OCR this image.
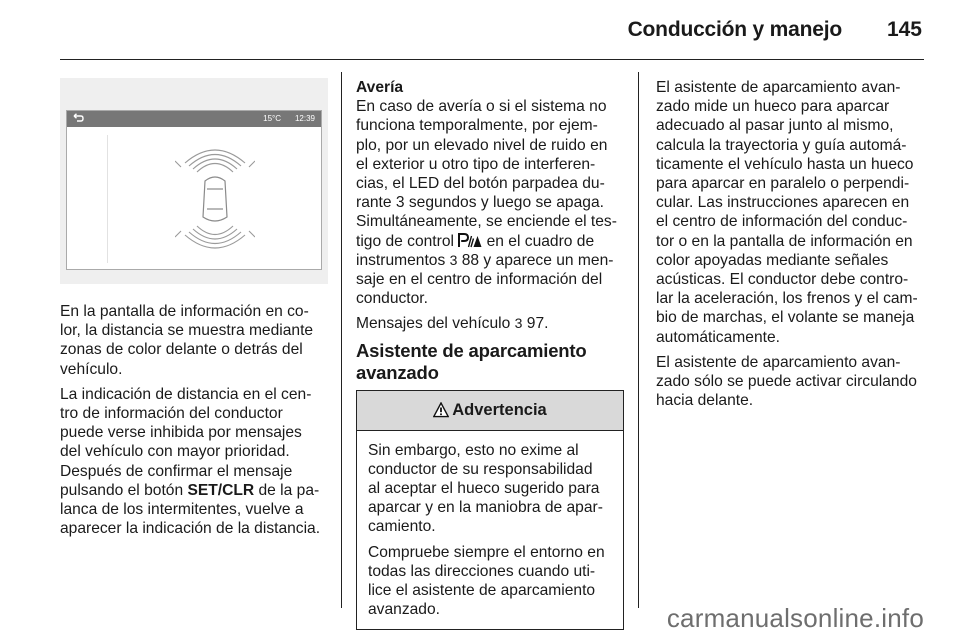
Conducción y manejo 145
15°C 12:39

En la pantalla de información en co-
lor, la distancia se muestra mediante
zonas de color delante o detrás del
vehículo.

La indicación de distancia en el cen-
tro de información del conductor
puede verse inhibida por mensajes
del vehículo con mayor prioridad.
Después de confirmar el mensaje
pulsando el botón SET/CLR de la pa-
lanca de los intermitentes, vuelve a
aparecer la indicación de la distancia.

Avería

En caso de avería o si el sistema no
funciona temporalmente, por ejem-
plo, por un elevado nivel de ruido en
el exterior u otro tipo de interferen-
cias, el LED del botón parpadea du-
rante 3 segundos y luego se apaga.
Simultáneamente, se enciende el tes-
tigo de control  en el cuadro de
instrumentos 3 88 y aparece un men-
saje en el centro de información del
conductor.

Mensajes del vehículo 3 97.

Asistente de aparcamiento
avanzado
Advertencia

Sin embargo, esto no exime al
conductor de su responsabilidad
al aceptar el hueco sugerido para
aparcar y en la maniobra de apar-
camiento.

Compruebe siempre el entorno en
todas las direcciones cuando uti-
lice el asistente de aparcamiento
avanzado.

El asistente de aparcamiento avan-
zado mide un hueco para aparcar
adecuado al pasar junto al mismo,
calcula la trayectoria y guía automá-
ticamente el vehículo hasta un hueco
para aparcar en paralelo o perpendi-
cular. Las instrucciones aparecen en
el centro de información del conduc-
tor o en la pantalla de información en
color apoyadas mediante señales
acústicas. El conductor debe contro-
lar la aceleración, los frenos y el cam-
bio de marchas, el volante se maneja
automáticamente.

El asistente de aparcamiento avan-
zado sólo se puede activar circulando
hacia delante.

carmanualsonline.info
